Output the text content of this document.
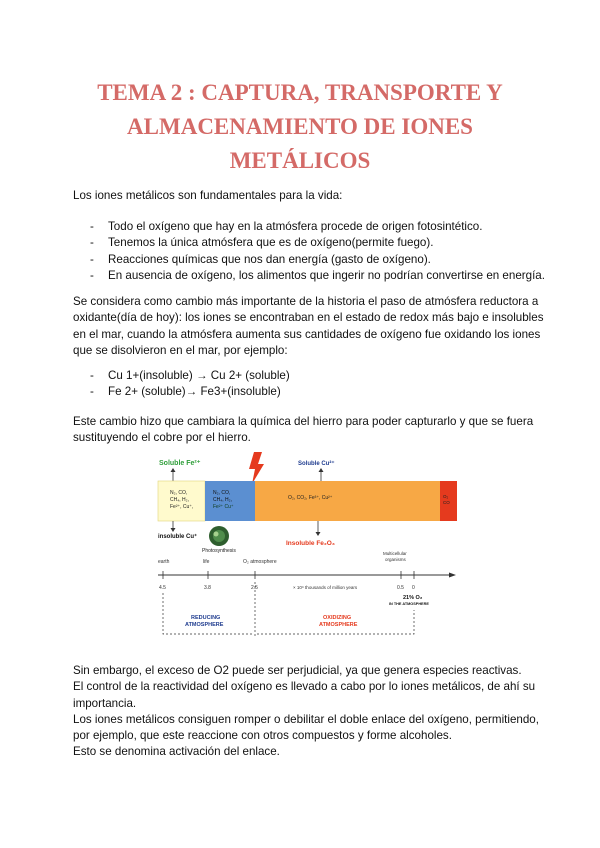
TEMA 2 : CAPTURA, TRANSPORTE Y
ALMACENAMIENTO DE IONES
METÁLICOS
Los iones metálicos son fundamentales para la vida:
- Todo el oxígeno que hay en la atmósfera procede de origen fotosintético.
- Tenemos la única atmósfera que es de oxígeno(permite fuego).
- Reacciones químicas que nos dan energía (gasto de oxígeno).
- En ausencia de oxígeno, los alimentos que ingerir no podrían convertirse en energía.
Se considera como cambio más importante de la historia el paso de atmósfera reductora a
oxidante(día de hoy): los iones se encontraban en el estado de redox más bajo e insolubles
en el mar, cuando la atmósfera aumenta sus cantidades de oxígeno fue oxidando los iones
que se disolvieron en el mar, por ejemplo:
- Cu 1+(insoluble) → Cu 2+ (soluble)
- Fe 2+ (soluble)→ Fe3+(insoluble)
Este cambio hizo que cambiara la química del hierro para poder capturarlo y que se fuera
sustituyendo el cobre por el hierro.
Soluble Fe²⁺	Soluble Cu²⁺
N₂, CO,
CH₄, H₂,
Fe²⁺, Cu⁺,
N₂, CO,
CH₄, H₂,
Fe²⁺ Cu⁺
O₂, CO₂, Fe³⁺, Cu²⁺	O₂
CO
insoluble Cu⁺
Insoluble Fe₂O₃
Photosynthesis
earth	life	O₂ atmosphere
Multicellular
organisms
4.5	3.8	2.5	0.5 0
× 10⁹ thousands of million years
21% O₂
IN THE ATMOSPHERE
REDUCING
ATMOSPHERE
OXIDIZING
ATMOSPHERE
Sin embargo, el exceso de O2 puede ser perjudicial, ya que genera especies reactivas.
El control de la reactividad del oxígeno es llevado a cabo por lo iones metálicos, de ahí su
importancia.
Los iones metálicos consiguen romper o debilitar el doble enlace del oxígeno, permitiendo,
por ejemplo, que este reaccione con otros compuestos y forme alcoholes.
Esto se denomina activación del enlace.
